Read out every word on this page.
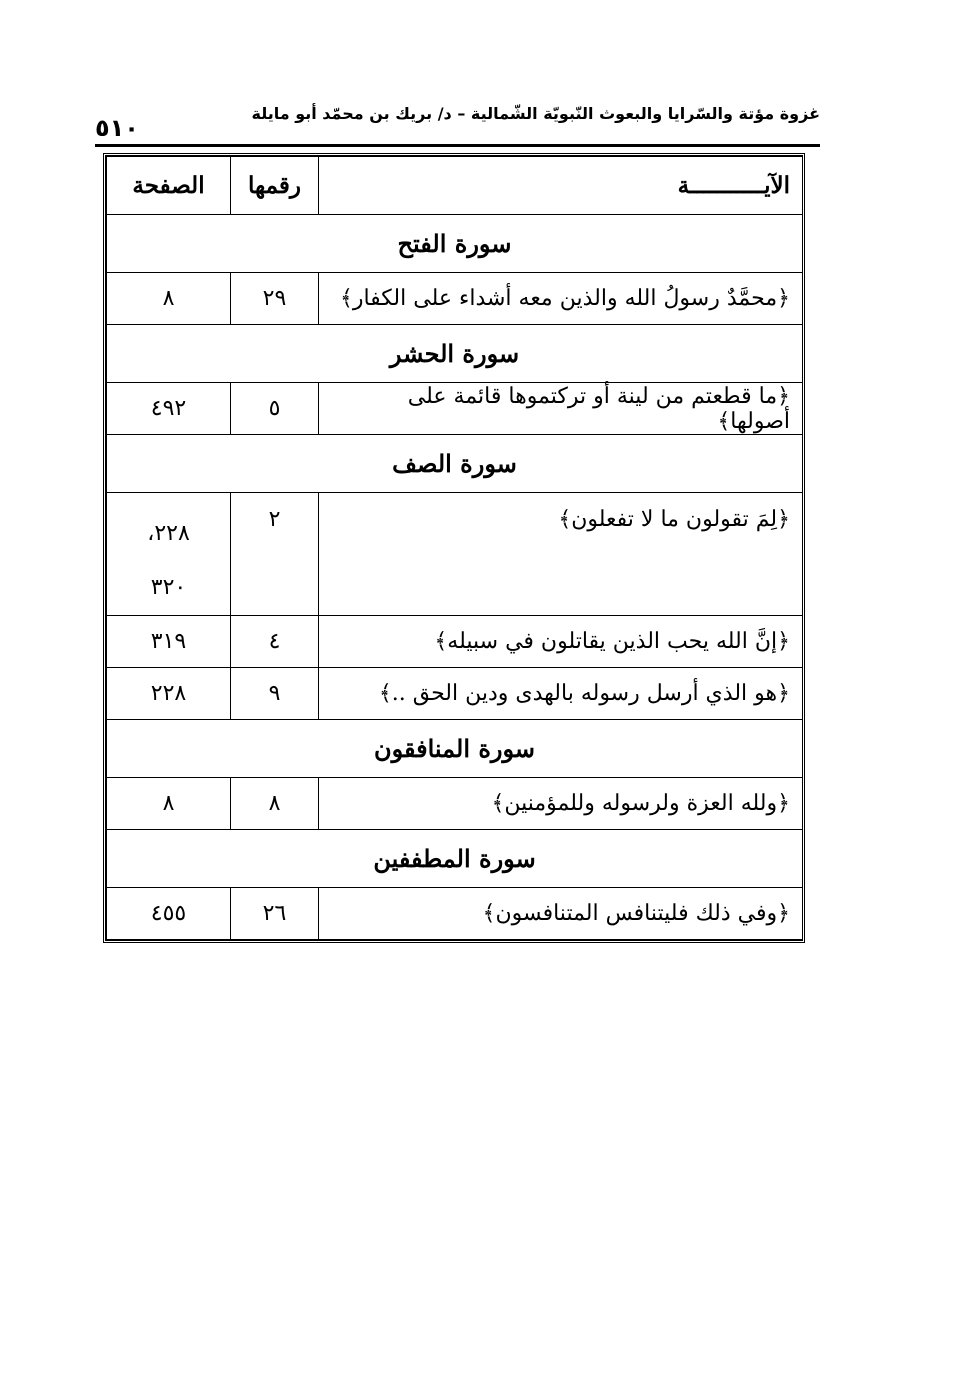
٥١٠
غزوة مؤتة والسّرايا والبعوث النّبويّة الشّمالية – د/ بريك بن محمّد أبو مايلة
الآيـــــــــــة	رقمها	الصفحة
سورة الفتح		
﴿محمَّدٌ رسولُ الله والذين معه أشداء على الكفار﴾	٢٩	٨

سورة الحشر		
﴿ما قطعتم من لينة أو تركتموها قائمة على أصولها﴾	٥	٤٩٢

سورة الصف		
﴿لِمَ تقولون ما لا تفعلون﴾	٢	٢٢٨،
٣٢٠

﴿إنَّ الله يحب الذين يقاتلون في سبيله﴾	٤	٣١٩

﴿هو الذي أرسل رسوله بالهدى ودين الحق ..﴾	٩	٢٢٨

سورة المنافقون		
﴿ولله العزة ولرسوله وللمؤمنين﴾	٨	٨

سورة المطففين		
﴿وفي ذلك فليتنافس المتنافسون﴾	٢٦	٤٥٥
